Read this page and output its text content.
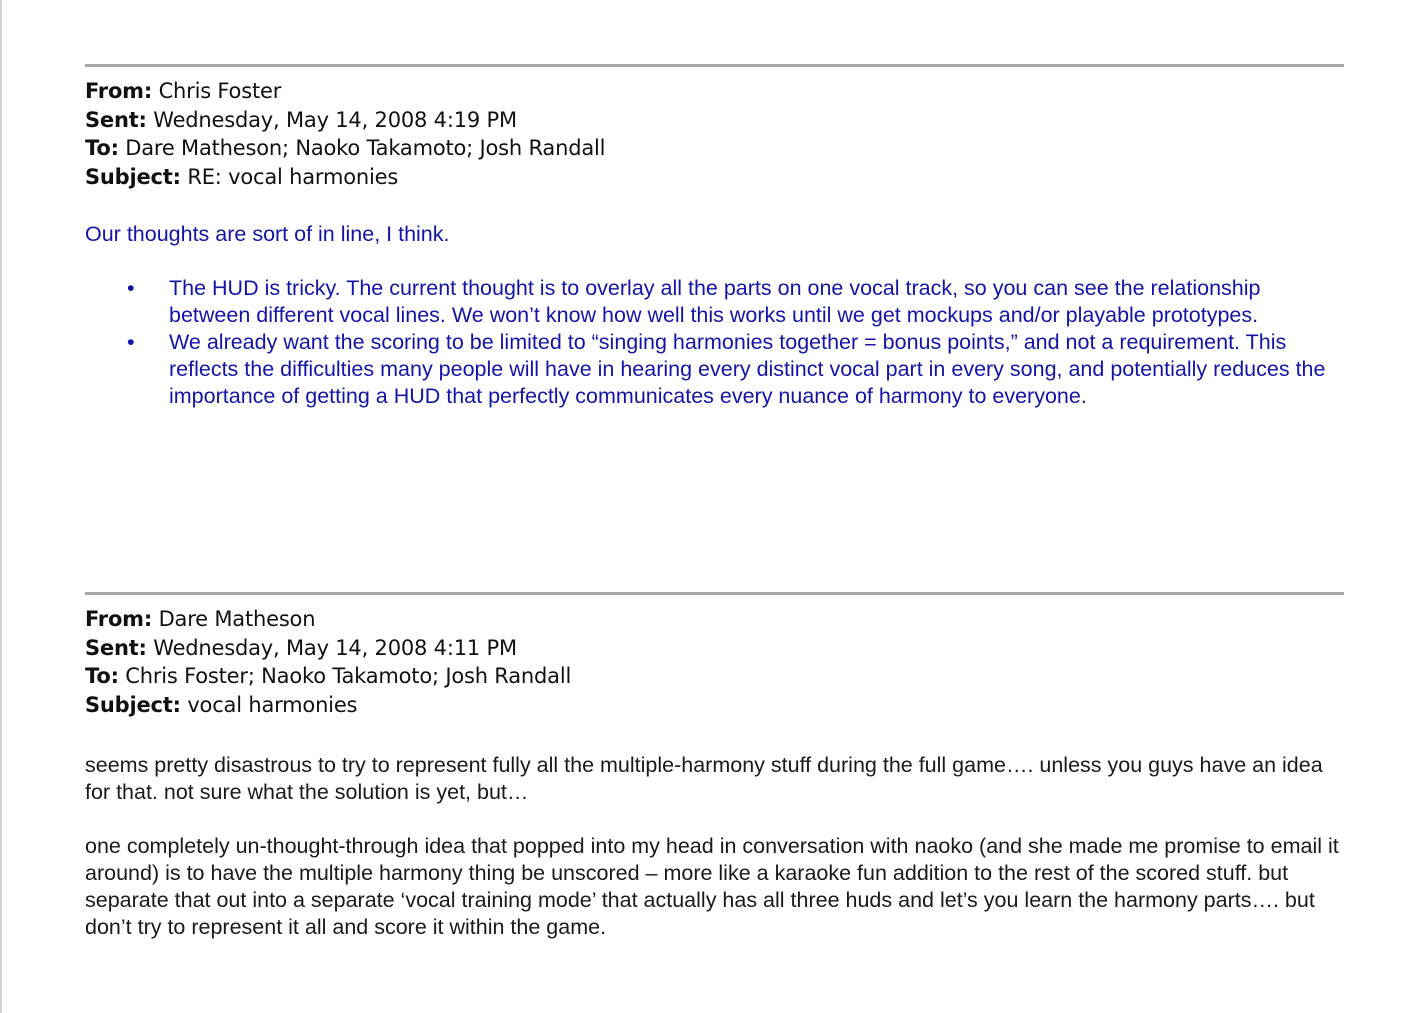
From: Chris Foster
Sent: Wednesday, May 14, 2008 4:19 PM
To: Dare Matheson; Naoko Takamoto; Josh Randall
Subject: RE: vocal harmonies
Our thoughts are sort of in line, I think.
• The HUD is tricky. The current thought is to overlay all the parts on one vocal track, so you can see the relationship between different vocal lines. We won’t know how well this works until we get mockups and/or playable prototypes.
• We already want the scoring to be limited to “singing harmonies together = bonus points,” and not a requirement. This reflects the difficulties many people will have in hearing every distinct vocal part in every song, and potentially reduces the importance of getting a HUD that perfectly communicates every nuance of harmony to everyone.
From: Dare Matheson
Sent: Wednesday, May 14, 2008 4:11 PM
To: Chris Foster; Naoko Takamoto; Josh Randall
Subject: vocal harmonies
seems pretty disastrous to try to represent fully all the multiple-harmony stuff during the full game…. unless you guys have an idea for that. not sure what the solution is yet, but…
one completely un-thought-through idea that popped into my head in conversation with naoko (and she made me promise to email it around) is to have the multiple harmony thing be unscored – more like a karaoke fun addition to the rest of the scored stuff. but separate that out into a separate ‘vocal training mode’ that actually has all three huds and let’s you learn the harmony parts…. but don’t try to represent it all and score it within the game.
